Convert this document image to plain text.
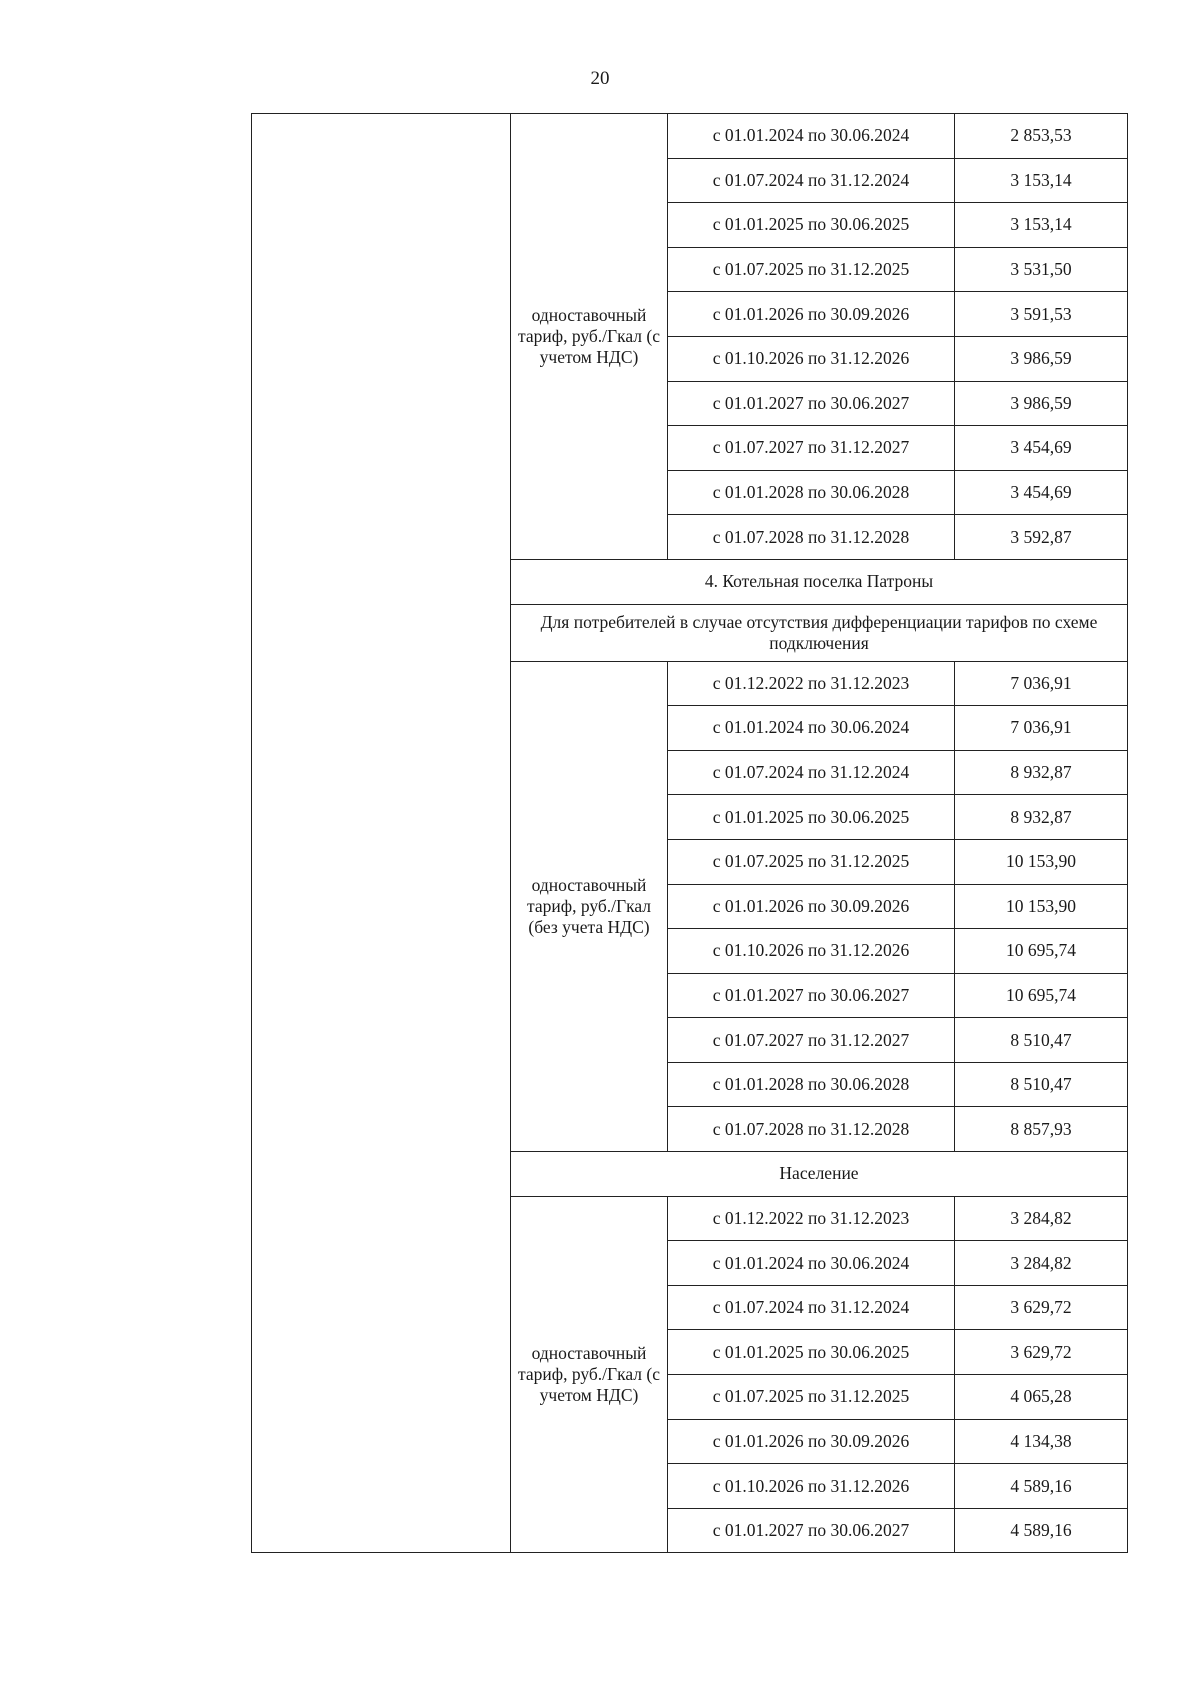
20
	одноставочный тариф, руб./Гкал (с учетом НДС)	с 01.01.2024 по 30.06.2024	2 853,53
		с 01.07.2024 по 31.12.2024	3 153,14
		с 01.01.2025 по 30.06.2025	3 153,14
		с 01.07.2025 по 31.12.2025	3 531,50
		с 01.01.2026 по 30.09.2026	3 591,53
		с 01.10.2026 по 31.12.2026	3 986,59
		с 01.01.2027 по 30.06.2027	3 986,59
		с 01.07.2027 по 31.12.2027	3 454,69
		с 01.01.2028 по 30.06.2028	3 454,69
		с 01.07.2028 по 31.12.2028	3 592,87
	4. Котельная поселка Патроны		
	Для потребителей в случае отсутствия дифференциации тарифов по схеме подключения		
	одноставочный тариф, руб./Гкал (без учета НДС)	с 01.12.2022 по 31.12.2023	7 036,91
		с 01.01.2024 по 30.06.2024	7 036,91
		с 01.07.2024 по 31.12.2024	8 932,87
		с 01.01.2025 по 30.06.2025	8 932,87
		с 01.07.2025 по 31.12.2025	10 153,90
		с 01.01.2026 по 30.09.2026	10 153,90
		с 01.10.2026 по 31.12.2026	10 695,74
		с 01.01.2027 по 30.06.2027	10 695,74
		с 01.07.2027 по 31.12.2027	8 510,47
		с 01.01.2028 по 30.06.2028	8 510,47
		с 01.07.2028 по 31.12.2028	8 857,93
	Население		
	одноставочный тариф, руб./Гкал (с учетом НДС)	с 01.12.2022 по 31.12.2023	3 284,82
		с 01.01.2024 по 30.06.2024	3 284,82
		с 01.07.2024 по 31.12.2024	3 629,72
		с 01.01.2025 по 30.06.2025	3 629,72
		с 01.07.2025 по 31.12.2025	4 065,28
		с 01.01.2026 по 30.09.2026	4 134,38
		с 01.10.2026 по 31.12.2026	4 589,16
		с 01.01.2027 по 30.06.2027	4 589,16
